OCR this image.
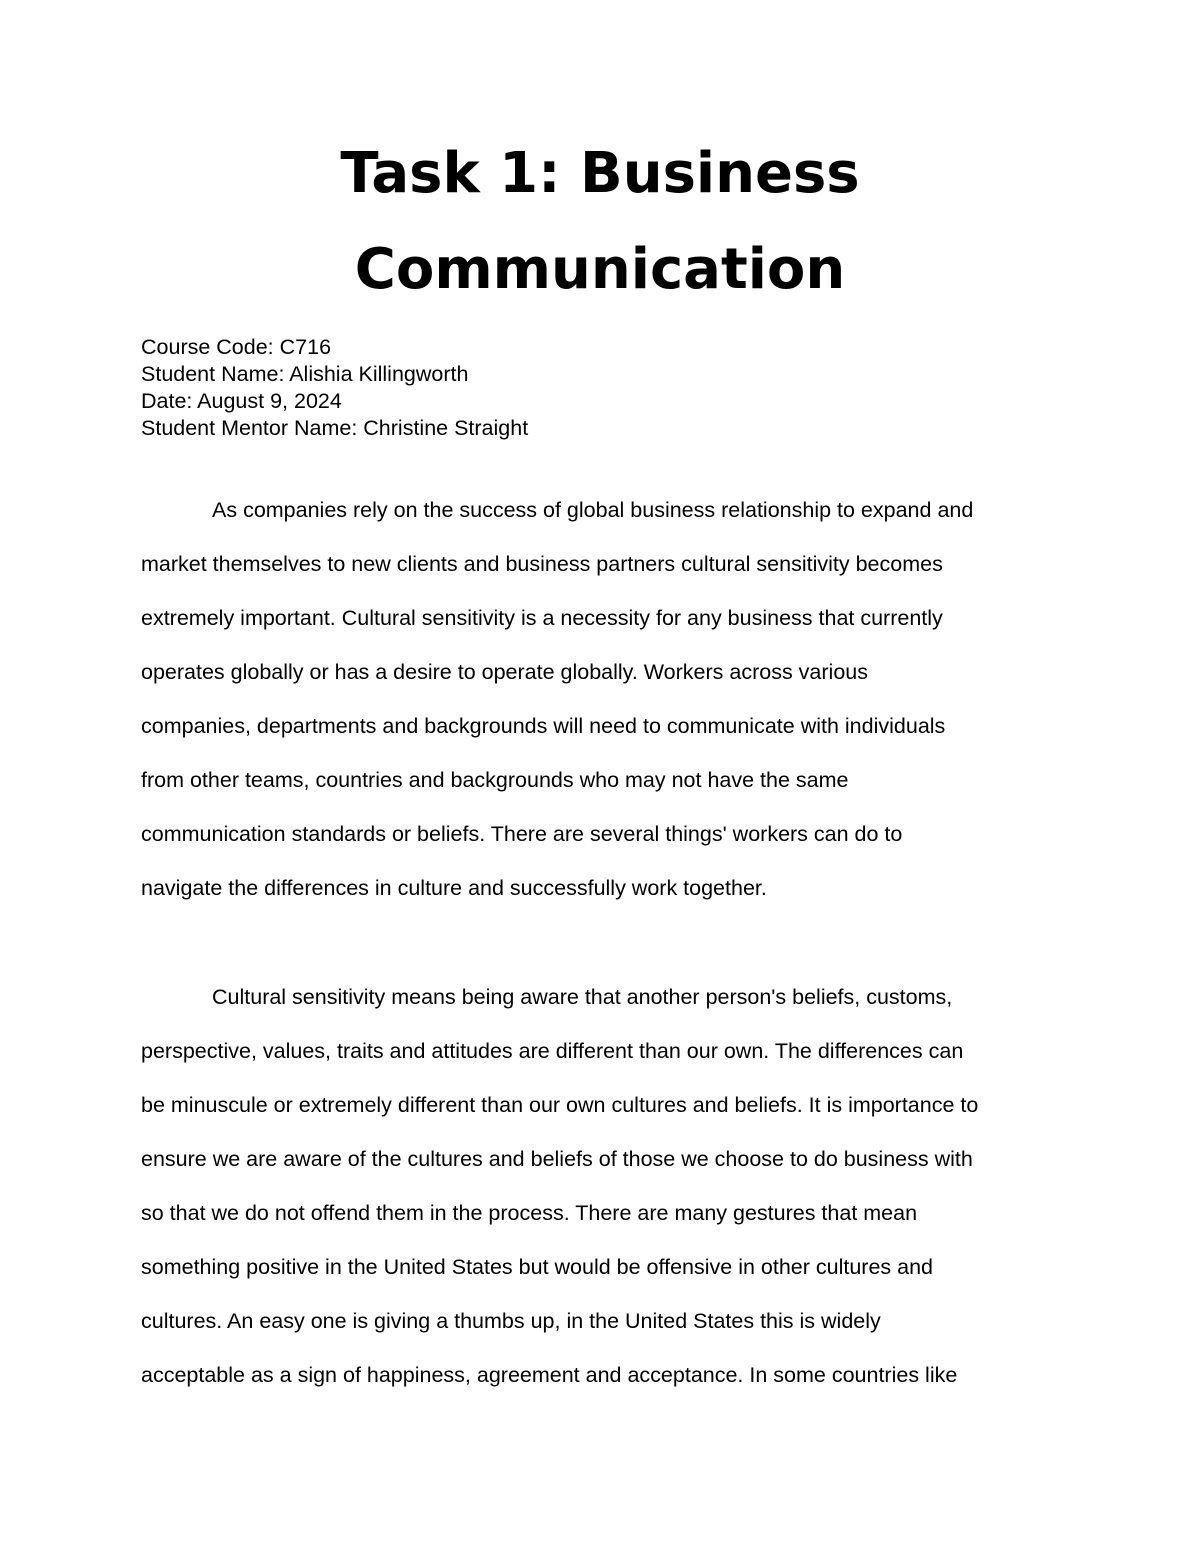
Task 1: Business
Communication
Course Code: C716
Student Name: Alishia Killingworth
Date: August 9, 2024
Student Mentor Name: Christine Straight
As companies rely on the success of global business relationship to expand and
market themselves to new clients and business partners cultural sensitivity becomes
extremely important. Cultural sensitivity is a necessity for any business that currently
operates globally or has a desire to operate globally. Workers across various
companies, departments and backgrounds will need to communicate with individuals
from other teams, countries and backgrounds who may not have the same
communication standards or beliefs. There are several things' workers can do to
navigate the differences in culture and successfully work together.
Cultural sensitivity means being aware that another person's beliefs, customs,
perspective, values, traits and attitudes are different than our own. The differences can
be minuscule or extremely different than our own cultures and beliefs. It is importance to
ensure we are aware of the cultures and beliefs of those we choose to do business with
so that we do not offend them in the process. There are many gestures that mean
something positive in the United States but would be offensive in other cultures and
cultures. An easy one is giving a thumbs up, in the United States this is widely
acceptable as a sign of happiness, agreement and acceptance. In some countries like
